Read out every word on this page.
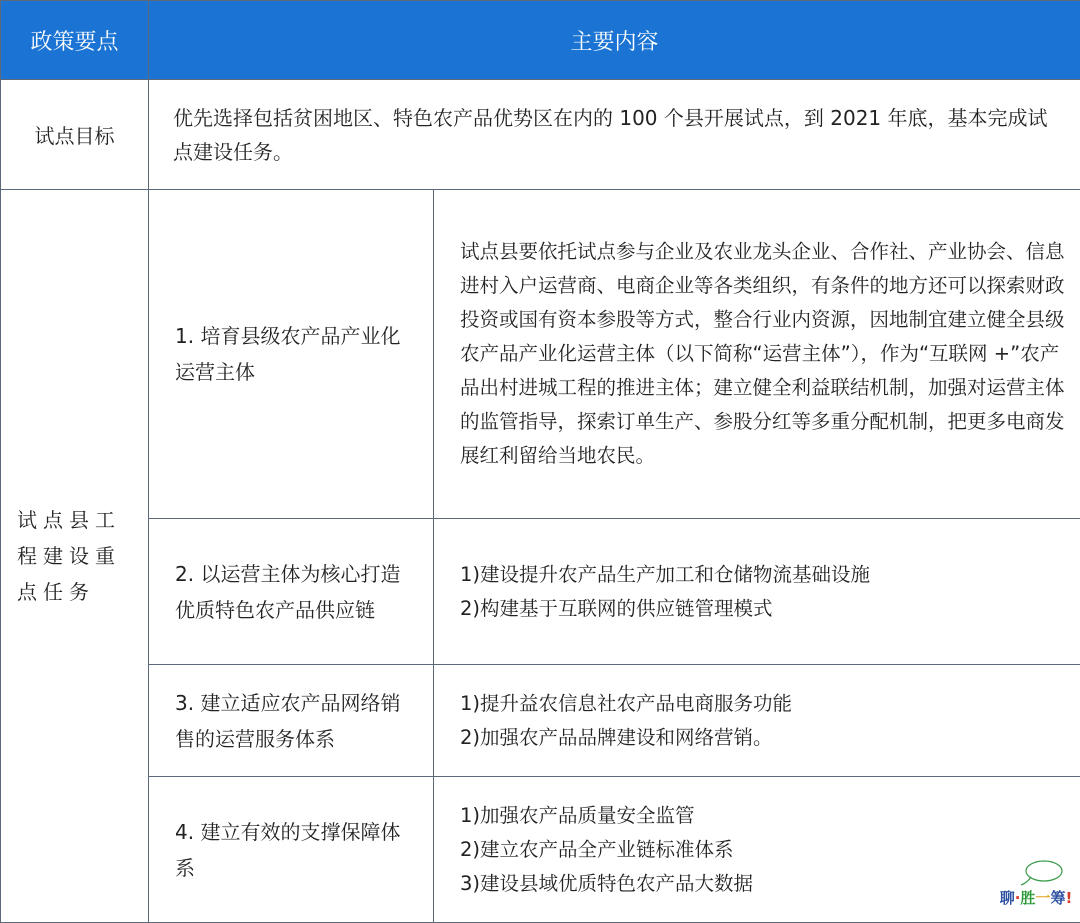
政策要点	主要内容	
试点目标	优先选择包括贫困地区、特色农产品优势区在内的 100 个县开展试点，到 2021 年底，基本完成试点建设任务。	
试点县工程建设重点任务	1. 培育县级农产品产业化运营主体	试点县要依托试点参与企业及农业龙头企业、合作社、产业协会、信息进村入户运营商、电商企业等各类组织，有条件的地方还可以探索财政投资或国有资本参股等方式，整合行业内资源，因地制宜建立健全县级农产品产业化运营主体（以下简称“运营主体”），作为“互联网 +”农产品出村进城工程的推进主体；建立健全利益联结机制，加强对运营主体的监管指导，探索订单生产、参股分红等多重分配机制，把更多电商发展红利留给当地农民。

	2. 以运营主体为核心打造优质特色农产品供应链	1)建设提升农产品生产加工和仓储物流基础设施
2)构建基于互联网的供应链管理模式

	3. 建立适应农产品网络销售的运营服务体系	1)提升益农信息社农产品电商服务功能
2)加强农产品品牌建设和网络营销。

	4. 建立有效的支撑保障体系	1)加强农产品质量安全监管
2)建立农产品全产业链标准体系
3)建设县域优质特色农产品大数据
聊·胜一筹!
